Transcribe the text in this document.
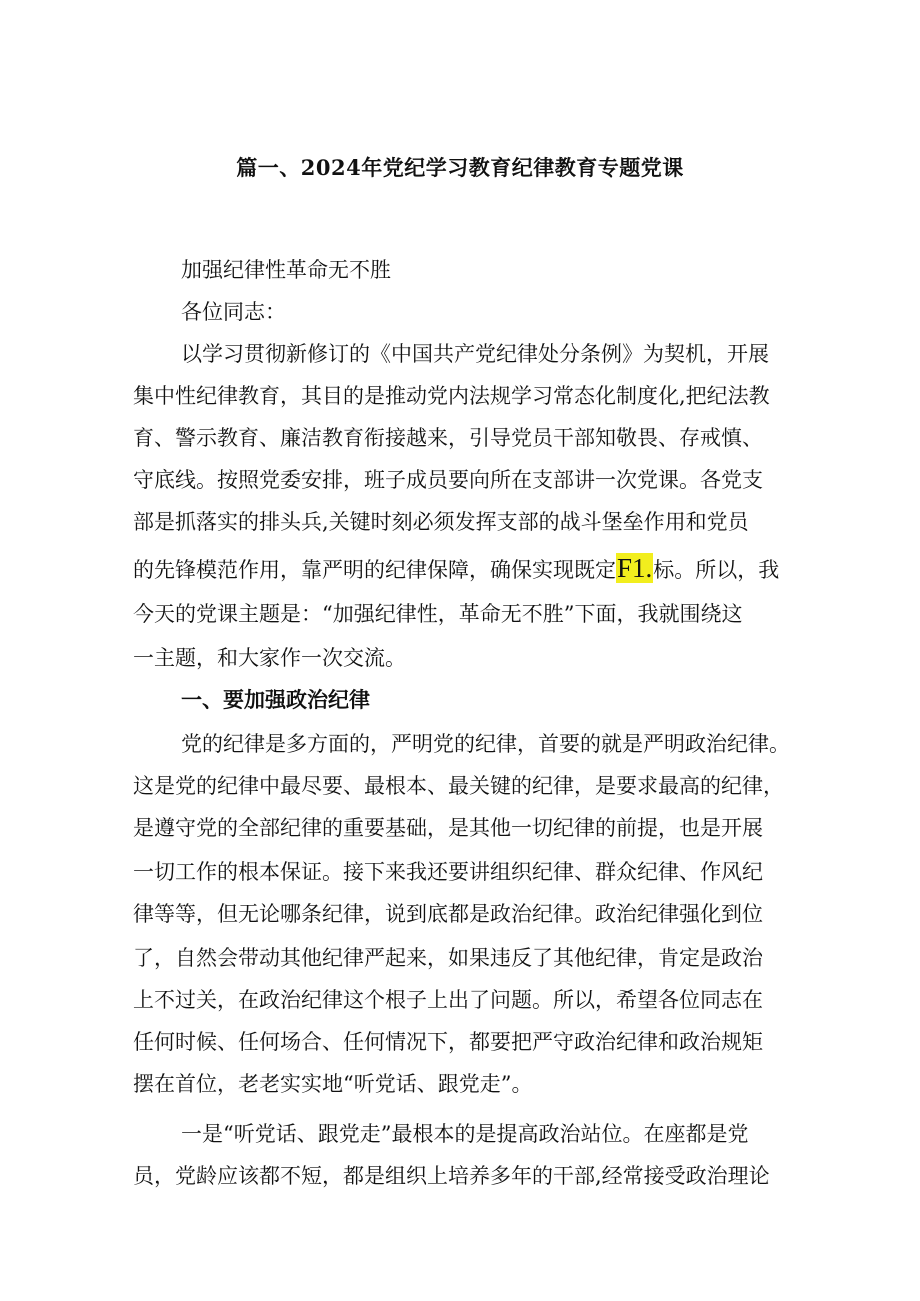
篇一、2024年党纪学习教育纪律教育专题党课
加强纪律性革命无不胜
各位同志：
以学习贯彻新修订的《中国共产党纪律处分条例》为契机，开展
集中性纪律教育，其目的是推动党内法规学习常态化制度化,把纪法教
育、警示教育、廉洁教育衔接越来，引导党员干部知敬畏、存戒慎、
守底线。按照党委安排，班子成员要向所在支部讲一次党课。各党支
部是抓落实的排头兵,关键时刻必须发挥支部的战斗堡垒作用和党员
的先锋模范作用，靠严明的纪律保障，确保实现既定F1.标。所以，我
今天的党课主题是：“加强纪律性，革命无不胜”下面，我就围绕这
一主题，和大家作一次交流。
一、要加强政治纪律
党的纪律是多方面的，严明党的纪律，首要的就是严明政治纪律。
这是党的纪律中最尽要、最根本、最关键的纪律，是要求最高的纪律，
是遵守党的全部纪律的重要基础，是其他一切纪律的前提，也是开展
一切工作的根本保证。接下来我还要讲组织纪律、群众纪律、作风纪
律等等，但无论哪条纪律，说到底都是政治纪律。政治纪律强化到位
了，自然会带动其他纪律严起来，如果违反了其他纪律，肯定是政治
上不过关，在政治纪律这个根子上出了问题。所以，希望各位同志在
任何时候、任何场合、任何情况下，都要把严守政治纪律和政治规矩
摆在首位，老老实实地“听党话、跟党走”。
一是“听党话、跟党走”最根本的是提高政治站位。在座都是党
员，党龄应该都不短，都是组织上培养多年的干部,经常接受政治理论
